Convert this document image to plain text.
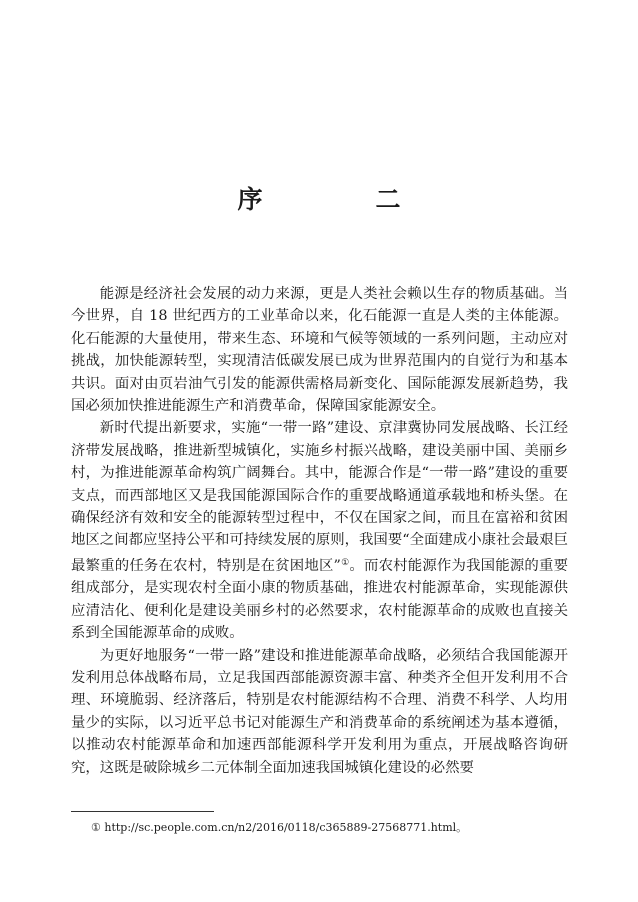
序　二

能源是经济社会发展的动力来源，更是人类社会赖以生存的物质基础。当今世界，自 18 世纪西方的工业革命以来，化石能源一直是人类的主体能源。化石能源的大量使用，带来生态、环境和气候等领域的一系列问题，主动应对挑战，加快能源转型，实现清洁低碳发展已成为世界范围内的自觉行为和基本共识。面对由页岩油气引发的能源供需格局新变化、国际能源发展新趋势，我国必须加快推进能源生产和消费革命，保障国家能源安全。

新时代提出新要求，实施“一带一路”建设、京津冀协同发展战略、长江经济带发展战略，推进新型城镇化，实施乡村振兴战略，建设美丽中国、美丽乡村，为推进能源革命构筑广阔舞台。其中，能源合作是“一带一路”建设的重要支点，而西部地区又是我国能源国际合作的重要战略通道承载地和桥头堡。在确保经济有效和安全的能源转型过程中，不仅在国家之间，而且在富裕和贫困地区之间都应坚持公平和可持续发展的原则，我国要“全面建成小康社会最艰巨最繁重的任务在农村，特别是在贫困地区”①。而农村能源作为我国能源的重要组成部分，是实现农村全面小康的物质基础，推进农村能源革命，实现能源供应清洁化、便利化是建设美丽乡村的必然要求，农村能源革命的成败也直接关系到全国能源革命的成败。

为更好地服务“一带一路”建设和推进能源革命战略，必须结合我国能源开发利用总体战略布局，立足我国西部能源资源丰富、种类齐全但开发利用不合理、环境脆弱、经济落后，特别是农村能源结构不合理、消费不科学、人均用量少的实际，以习近平总书记对能源生产和消费革命的系统阐述为基本遵循，以推动农村能源革命和加速西部能源科学开发利用为重点，开展战略咨询研究，这既是破除城乡二元体制全面加速我国城镇化建设的必然要

① http://sc.people.com.cn/n2/2016/0118/c365889-27568771.html。
